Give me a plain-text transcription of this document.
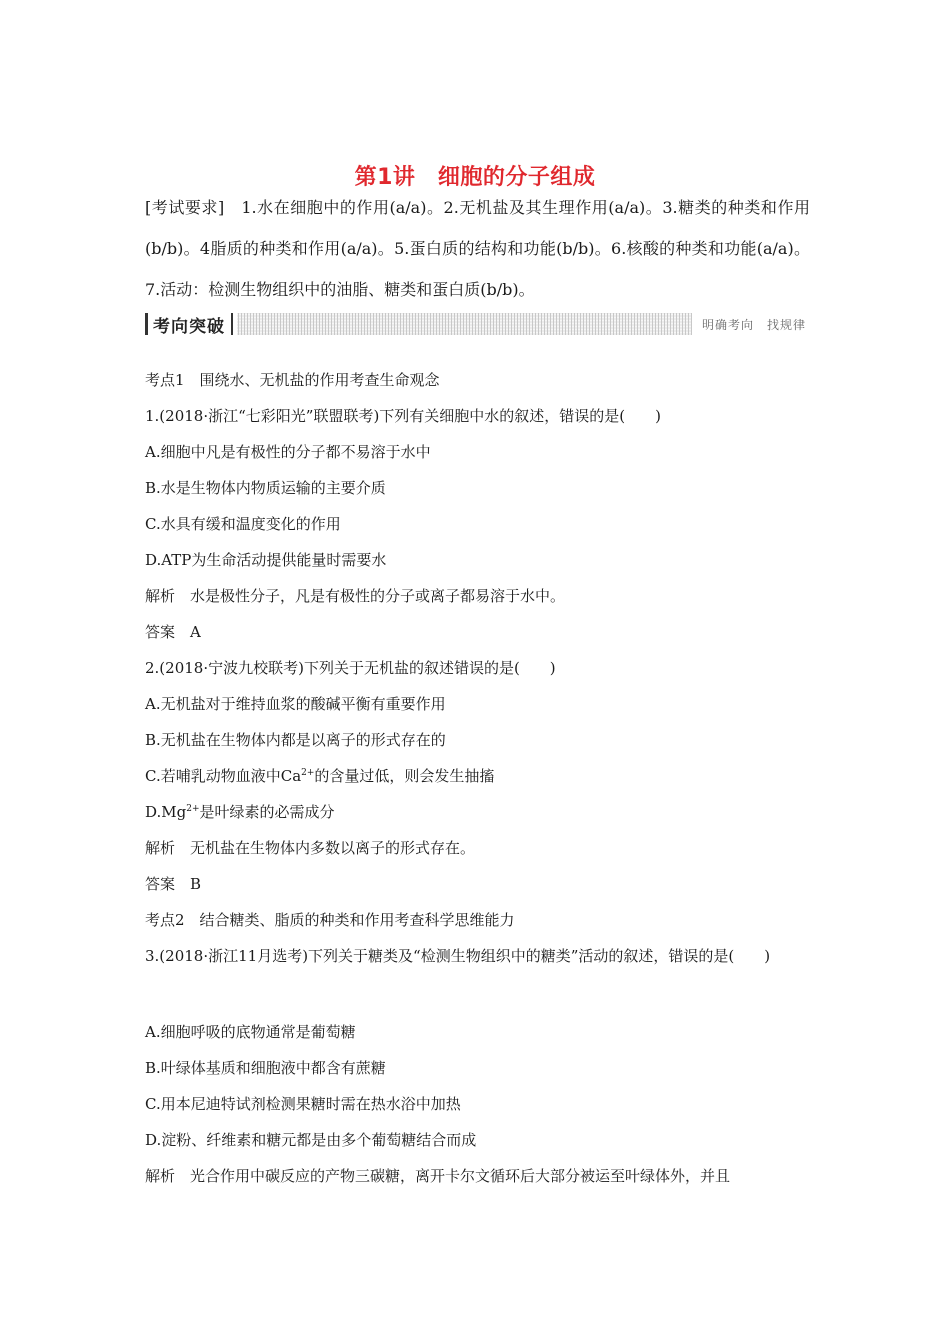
第1讲　细胞的分子组成
[考试要求]　1.水在细胞中的作用(a/a)。2.无机盐及其生理作用(a/a)。3.糖类的种类和作用(b/b)。4脂质的种类和作用(a/a)。5.蛋白质的结构和功能(b/b)。6.核酸的种类和功能(a/a)。7.活动：检测生物组织中的油脂、糖类和蛋白质(b/b)。
考向突破	明确考向　找规律
考点1　围绕水、无机盐的作用考查生命观念
1.(2018·浙江“七彩阳光”联盟联考)下列有关细胞中水的叙述，错误的是(　　)
A.细胞中凡是有极性的分子都不易溶于水中
B.水是生物体内物质运输的主要介质
C.水具有缓和温度变化的作用
D.ATP为生命活动提供能量时需要水
解析　水是极性分子，凡是有极性的分子或离子都易溶于水中。
答案　A
2.(2018·宁波九校联考)下列关于无机盐的叙述错误的是(　　)
A.无机盐对于维持血浆的酸碱平衡有重要作用
B.无机盐在生物体内都是以离子的形式存在的
C.若哺乳动物血液中$Ca^{2+}$的含量过低，则会发生抽搐
$D.Mg^{2+}$是叶绿素的必需成分
解析　无机盐在生物体内多数以离子的形式存在。
答案　B
考点2　结合糖类、脂质的种类和作用考查科学思维能力
3.(2018·浙江11月选考)下列关于糖类及“检测生物组织中的糖类”活动的叙述，错误的是(　　)
A.细胞呼吸的底物通常是葡萄糖
B.叶绿体基质和细胞液中都含有蔗糖
C.用本尼迪特试剂检测果糖时需在热水浴中加热
D.淀粉、纤维素和糖元都是由多个葡萄糖结合而成
解析　光合作用中碳反应的产物三碳糖，离开卡尔文循环后大部分被运至叶绿体外，并且
